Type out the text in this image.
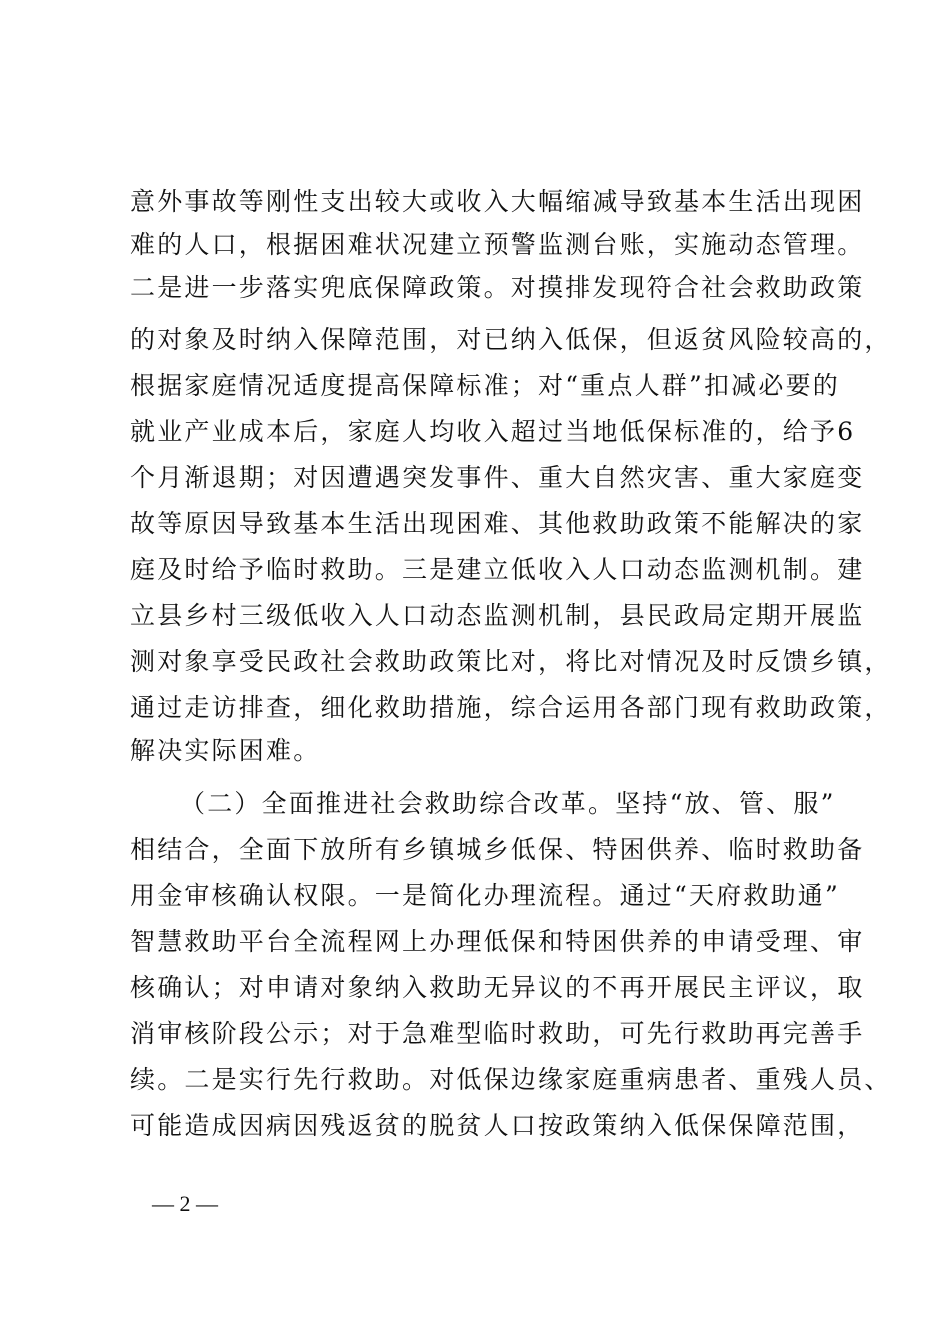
意外事故等刚性支出较大或收入大幅缩减导致基本生活出现困
难的人口，根据困难状况建立预警监测台账，实施动态管理。
二是进一步落实兜底保障政策。对摸排发现符合社会救助政策
的对象及时纳入保障范围，对已纳入低保，但返贫风险较高的，
根据家庭情况适度提高保障标准；对“重点人群”扣减必要的
就业产业成本后，家庭人均收入超过当地低保标准的，给予6
个月渐退期；对因遭遇突发事件、重大自然灾害、重大家庭变
故等原因导致基本生活出现困难、其他救助政策不能解决的家
庭及时给予临时救助。三是建立低收入人口动态监测机制。建
立县乡村三级低收入人口动态监测机制，县民政局定期开展监
测对象享受民政社会救助政策比对，将比对情况及时反馈乡镇，
通过走访排查，细化救助措施，综合运用各部门现有救助政策，
解决实际困难。
（二）全面推进社会救助综合改革。坚持“放、管、服”
相结合，全面下放所有乡镇城乡低保、特困供养、临时救助备
用金审核确认权限。一是简化办理流程。通过“天府救助通”
智慧救助平台全流程网上办理低保和特困供养的申请受理、审
核确认；对申请对象纳入救助无异议的不再开展民主评议，取
消审核阶段公示；对于急难型临时救助，可先行救助再完善手
续。二是实行先行救助。对低保边缘家庭重病患者、重残人员、
可能造成因病因残返贫的脱贫人口按政策纳入低保保障范围，
— 2 —
